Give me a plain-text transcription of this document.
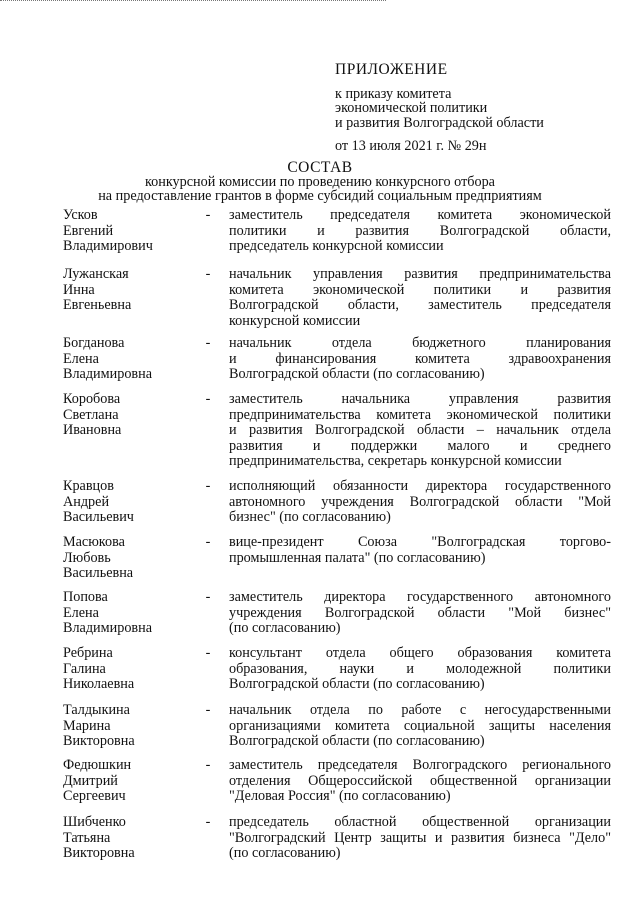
ПРИЛОЖЕНИЕ
к приказу комитета
экономической политики
и развития Волгоградской области
от 13 июля 2021 г. № 29н
СОСТАВ
конкурсной комиссии по проведению конкурсного отбора
на предоставление грантов в форме субсидий социальным предприятиям
Усков
Евгений
Владимирович
- заместитель председателя комитета экономической
политики и развития Волгоградской области,
председатель конкурсной комиссии
Лужанская
Инна
Евгеньевна
- начальник управления развития предпринимательства
комитета экономической политики и развития
Волгоградской области, заместитель председателя
конкурсной комиссии
Богданова
Елена
Владимировна
- начальник отдела бюджетного планирования
и финансирования комитета здравоохранения
Волгоградской области (по согласованию)
Коробова
Светлана
Ивановна
- заместитель начальника управления развития
предпринимательства комитета экономической политики
и развития Волгоградской области – начальник отдела
развития и поддержки малого и среднего
предпринимательства, секретарь конкурсной комиссии
Кравцов
Андрей
Васильевич
- исполняющий обязанности директора государственного
автономного учреждения Волгоградской области "Мой
бизнес" (по согласованию)
Масюкова
Любовь
Васильевна
- вице-президент Союза "Волгоградская торгово-
промышленная палата" (по согласованию)
Попова
Елена
Владимировна
- заместитель директора государственного автономного
учреждения Волгоградской области "Мой бизнес"
(по согласованию)
Ребрина
Галина
Николаевна
- консультант отдела общего образования комитета
образования, науки и молодежной политики
Волгоградской области (по согласованию)
Талдыкина
Марина
Викторовна
- начальник отдела по работе с негосударственными
организациями комитета социальной защиты населения
Волгоградской области (по согласованию)
Федюшкин
Дмитрий
Сергеевич
- заместитель председателя Волгоградского регионального
отделения Общероссийской общественной организации
"Деловая Россия" (по согласованию)
Шибченко
Татьяна
Викторовна
- председатель областной общественной организации
"Волгоградский Центр защиты и развития бизнеса "Дело"
(по согласованию)
